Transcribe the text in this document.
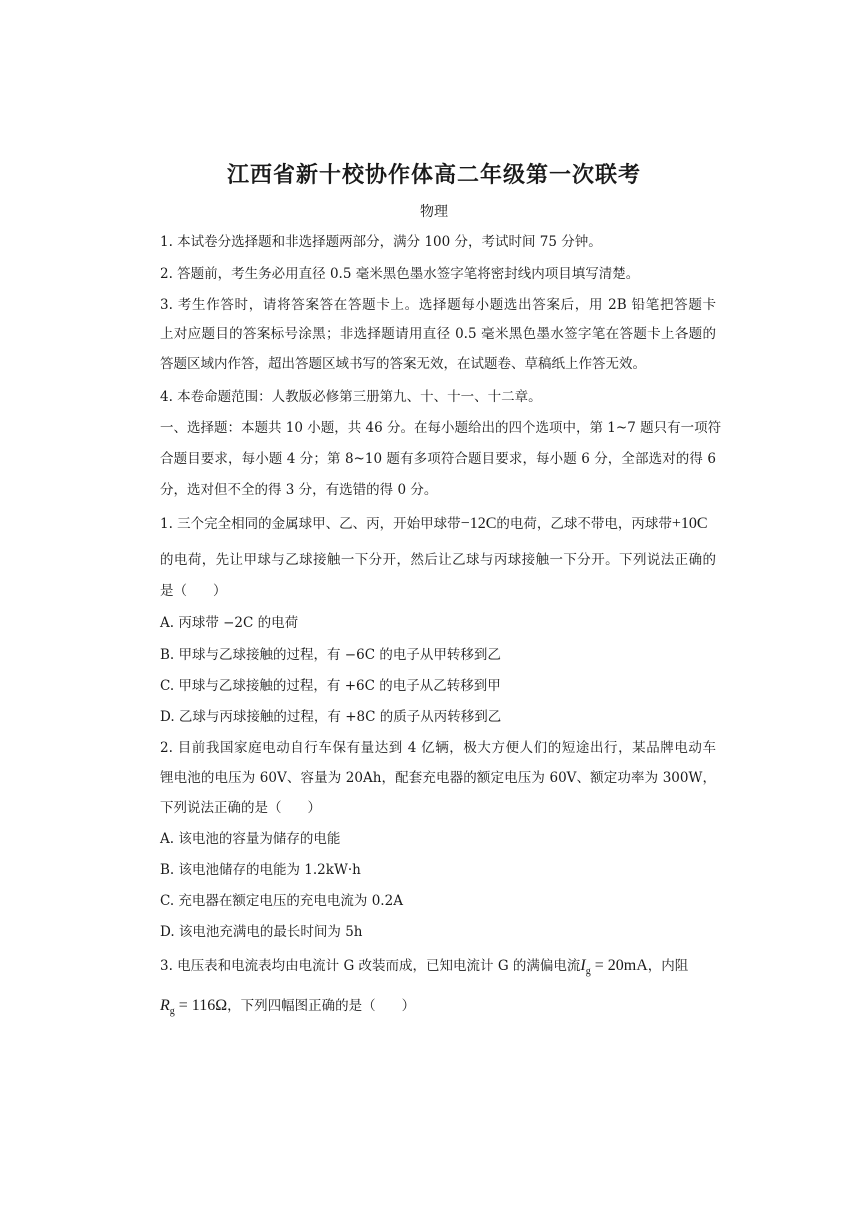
江西省新十校协作体高二年级第一次联考
物理
1. 本试卷分选择题和非选择题两部分，满分 100 分，考试时间 75 分钟。
2. 答题前，考生务必用直径 0.5 毫米黑色墨水签字笔将密封线内项目填写清楚。
3. 考生作答时，请将答案答在答题卡上。选择题每小题选出答案后，用 2B 铅笔把答题卡
上对应题目的答案标号涂黑；非选择题请用直径 0.5 毫米黑色墨水签字笔在答题卡上各题的
答题区域内作答，超出答题区域书写的答案无效，在试题卷、草稿纸上作答无效。
4. 本卷命题范围：人教版必修第三册第九、十、十一、十二章。
一、选择题：本题共 10 小题，共 46 分。在每小题给出的四个选项中，第 1~7 题只有一项符
合题目要求，每小题 4 分；第 8~10 题有多项符合题目要求，每小题 6 分，全部选对的得 6
分，选对但不全的得 3 分，有选错的得 0 分。
1. 三个完全相同的金属球甲、乙、丙，开始甲球带−12C的电荷，乙球不带电，丙球带+10C
的电荷，先让甲球与乙球接触一下分开，然后让乙球与丙球接触一下分开。下列说法正确的
是（ ）
A. 丙球带 −2C 的电荷
B. 甲球与乙球接触的过程，有 −6C 的电子从甲转移到乙
C. 甲球与乙球接触的过程，有 +6C 的电子从乙转移到甲
D. 乙球与丙球接触的过程，有 +8C 的质子从丙转移到乙
2. 目前我国家庭电动自行车保有量达到 4 亿辆，极大方便人们的短途出行，某品牌电动车
锂电池的电压为 60V、容量为 20Ah，配套充电器的额定电压为 60V、额定功率为 300W，
下列说法正确的是（ ）
A. 该电池的容量为储存的电能
B. 该电池储存的电能为 1.2kW·h
C. 充电器在额定电压的充电电流为 0.2A
D. 该电池充满电的最长时间为 5h
3. 电压表和电流表均由电流计 G 改装而成，已知电流计 G 的满偏电流$I_g = 20mA$，内阻
$R_g = 116\Omega$，下列四幅图正确的是（ ）
